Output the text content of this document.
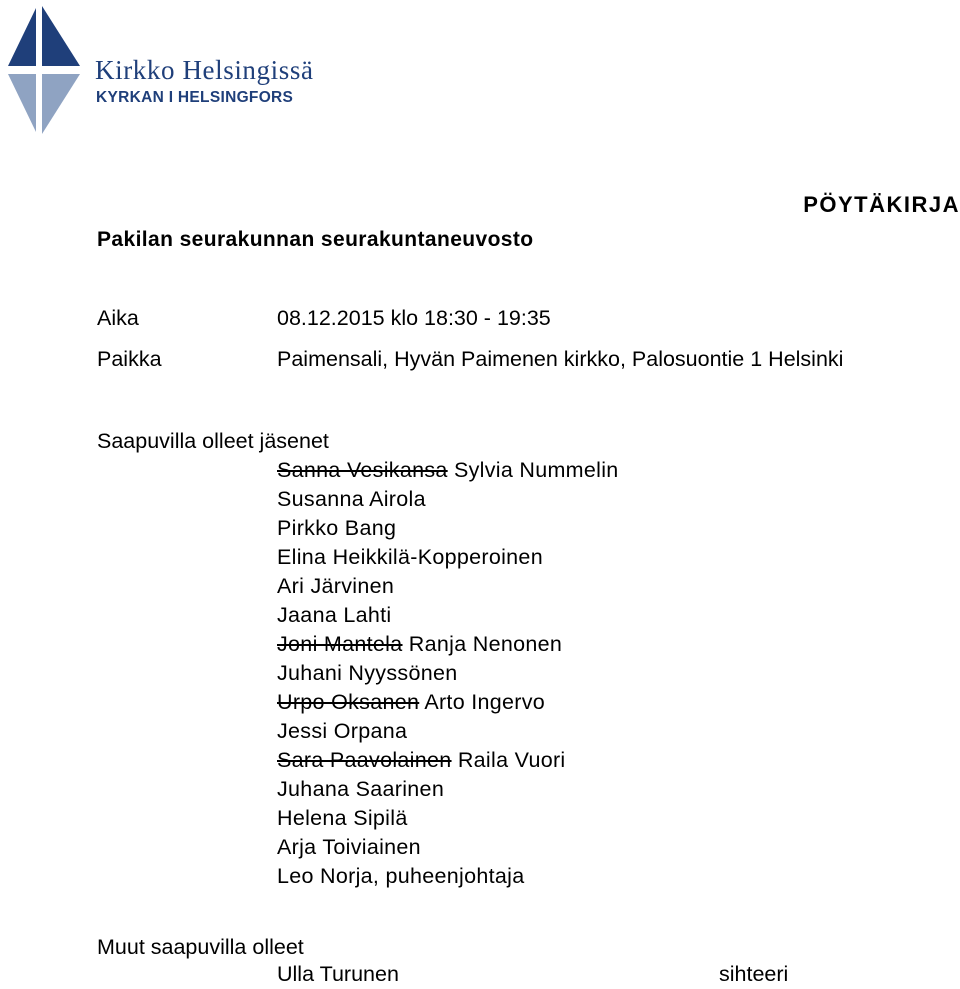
Kirkko Helsingissä
KYRKAN I HELSINGFORS
PÖYTÄKIRJA
Pakilan seurakunnan seurakuntaneuvosto
Aika	08.12.2015 klo 18:30 - 19:35
Paikka	Paimensali, Hyvän Paimenen kirkko, Palosuontie 1 Helsinki
Saapuvilla olleet jäsenet
Sanna Vesikansa Sylvia Nummelin
Susanna Airola
Pirkko Bang
Elina Heikkilä-Kopperoinen
Ari Järvinen
Jaana Lahti
Joni Mantela Ranja Nenonen
Juhani Nyyssönen
Urpo Oksanen Arto Ingervo
Jessi Orpana
Sara Paavolainen Raila Vuori
Juhana Saarinen
Helena Sipilä
Arja Toiviainen
Leo Norja, puheenjohtaja
Muut saapuvilla olleet
Ulla Turunen	sihteeri
